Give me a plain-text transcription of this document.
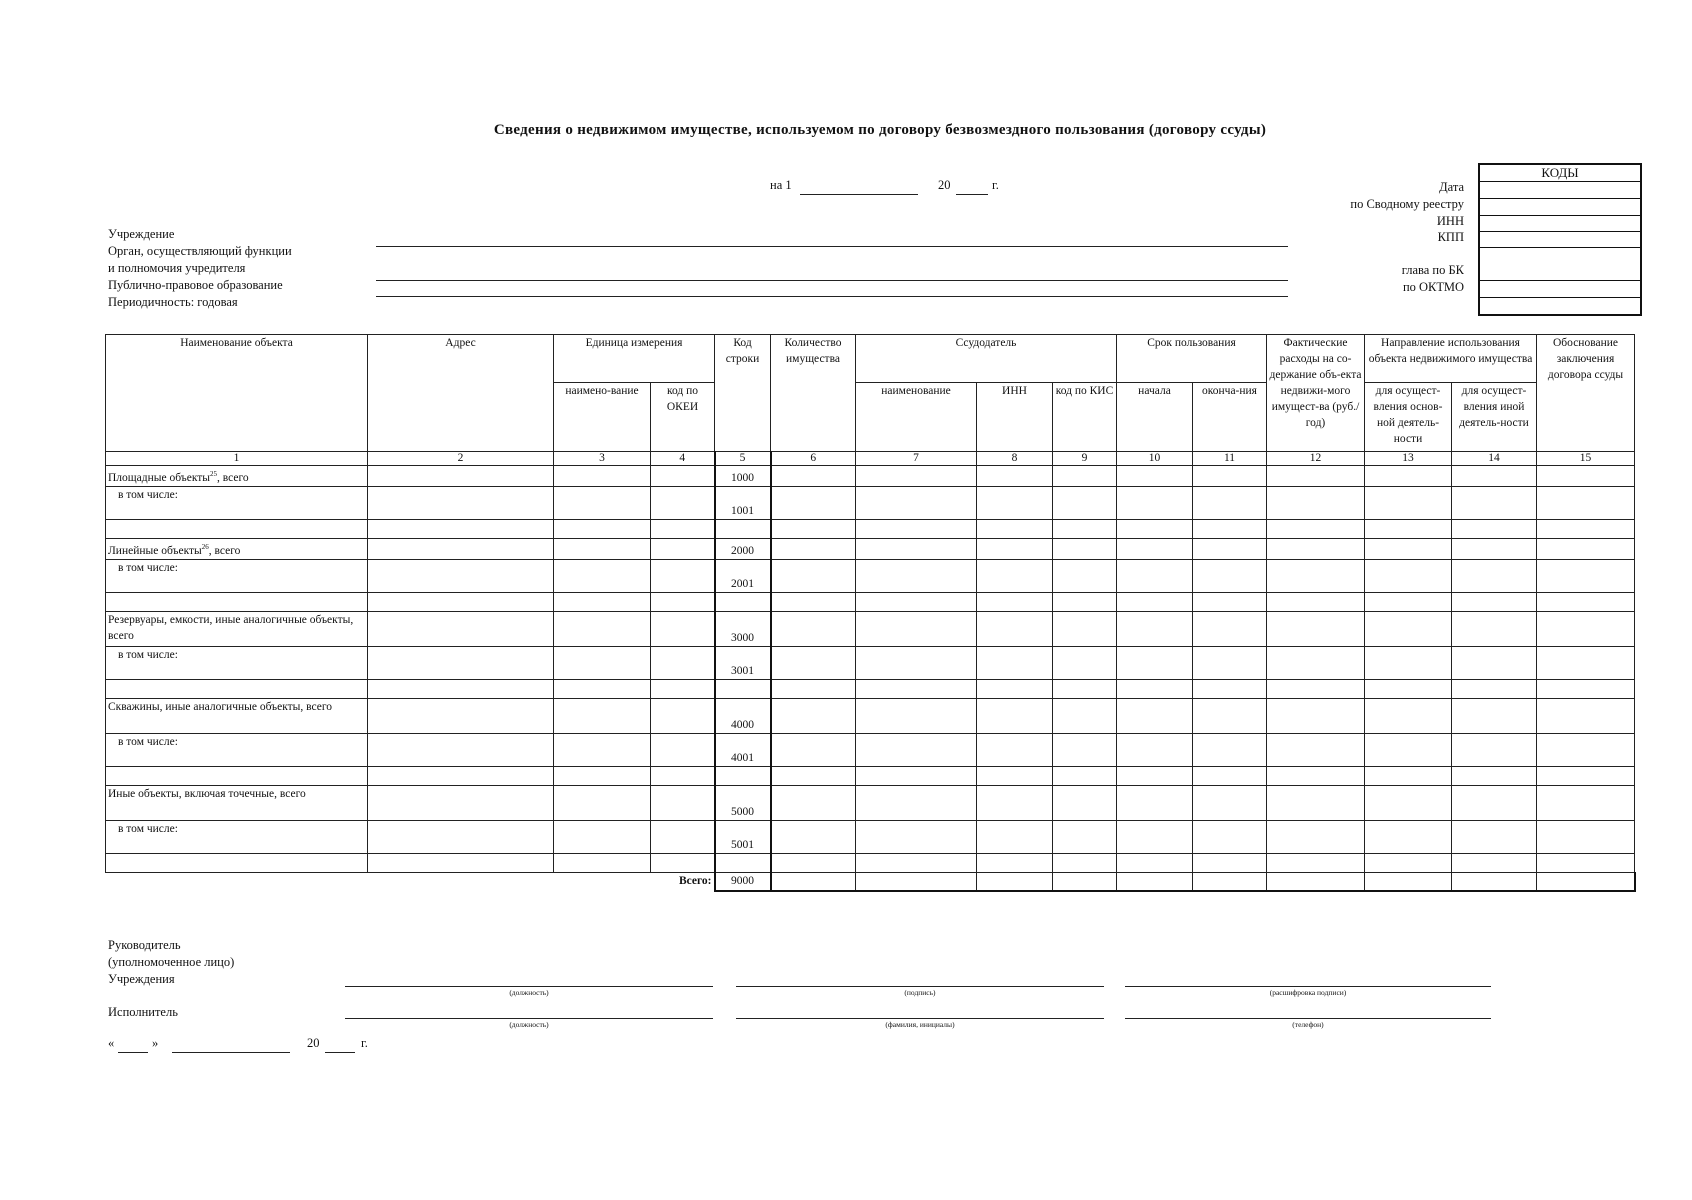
Сведения о недвижимом имуществе, используемом по договору безвозмездного пользования (договору ссуды)
на 1	20	г.
Учреждение
Орган, осуществляющий функции
и полномочия учредителя
Публично-правовое образование
Периодичность: годовая
Дата
по Сводному реестру
ИНН
КПП
глава по БК
по ОКТМО
КОДЫ
Наименование объекта	Адрес	Единица измерения		Код строки	Количество имущества	Ссудодатель			Срок пользования		Фактические расходы на со-держание объ-екта недвижи-мого имущест-ва (руб./год)	Направление использования объекта недвижимого имущества		Обоснование заключения договора ссуды
		наимено-вание	код по ОКЕИ			наименование	ИНН	код по КИС	начала	оконча-ния		для осущест-вления основ-ной деятель-ности	для осущест-вления иной деятель-ности	
1	2	3	4	5	6	7	8	9	10	11	12	13	14	15
Площадные объекты$^{25}$, всего				1000										
в том числе:				1001										

Линейные объекты$^{26}$, всего				2000										
в том числе:				2001										

Резервуары, емкости, иные аналогичные объекты, всего				3000										
в том числе:				3001										

Скважины, иные аналогичные объекты, всего				4000										
в том числе:				4001										

Иные объекты, включая точечные, всего				5000										
в том числе:				5001										

			Всего:	9000										
Руководитель
(уполномоченное лицо)
Учреждения
Исполнитель
(должность)	(подпись)	(расшифровка подписи)
(должность)	(фамилия, инициалы)	(телефон)
«	»	20	г.
